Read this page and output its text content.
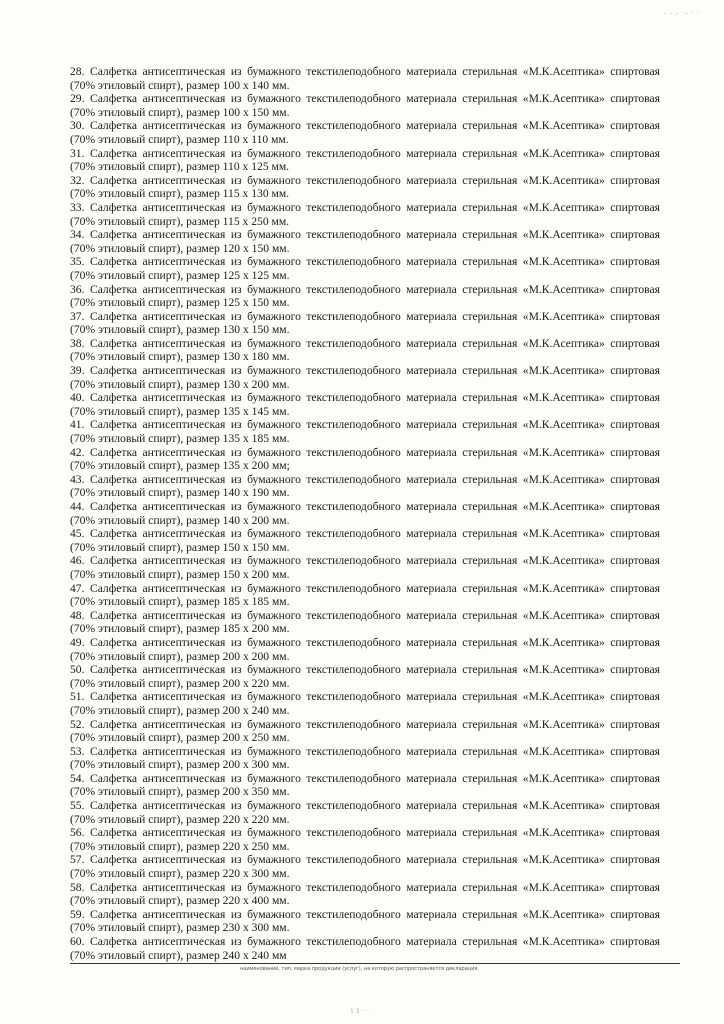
- - - ·- · ·

28. Салфетка антисептическая из бумажного текстилеподобного материала стерильная «М.К.Асептика» спиртовая
(70% этиловый спирт), размер 100 х 140 мм.

29. Салфетка антисептическая из бумажного текстилеподобного материала стерильная «М.К.Асептика» спиртовая
(70% этиловый спирт), размер 100 х 150 мм.

30. Салфетка антисептическая из бумажного текстилеподобного материала стерильная «М.К.Асептика» спиртовая
(70% этиловый спирт), размер 110 х 110 мм.

31. Салфетка антисептическая из бумажного текстилеподобного материала стерильная «М.К.Асептика» спиртовая
(70% этиловый спирт), размер 110 х 125 мм.

32. Салфетка антисептическая из бумажного текстилеподобного материала стерильная «М.К.Асептика» спиртовая
(70% этиловый спирт), размер 115 х 130 мм.

33. Салфетка антисептическая из бумажного текстилеподобного материала стерильная «М.К.Асептика» спиртовая
(70% этиловый спирт), размер 115 х 250 мм.

34. Салфетка антисептическая из бумажного текстилеподобного материала стерильная «М.К.Асептика» спиртовая
(70% этиловый спирт), размер 120 х 150 мм.

35. Салфетка антисептическая из бумажного текстилеподобного материала стерильная «М.К.Асептика» спиртовая
(70% этиловый спирт), размер 125 х 125 мм.

36. Салфетка антисептическая из бумажного текстилеподобного материала стерильная «М.К.Асептика» спиртовая
(70% этиловый спирт), размер 125 х 150 мм.

37. Салфетка антисептическая из бумажного текстилеподобного материала стерильная «М.К.Асептика» спиртовая
(70% этиловый спирт), размер 130 х 150 мм.

38. Салфетка антисептическая из бумажного текстилеподобного материала стерильная «М.К.Асептика» спиртовая
(70% этиловый спирт), размер 130 х 180 мм.

39. Салфетка антисептическая из бумажного текстилеподобного материала стерильная «М.К.Асептика» спиртовая
(70% этиловый спирт), размер 130 х 200 мм.

40. Салфетка антисептическая из бумажного текстилеподобного материала стерильная «М.К.Асептика» спиртовая
(70% этиловый спирт), размер 135 х 145 мм.

41. Салфетка антисептическая из бумажного текстилеподобного материала стерильная «М.К.Асептика» спиртовая
(70% этиловый спирт), размер 135 х 185 мм.

42. Салфетка антисептическая из бумажного текстилеподобного материала стерильная «М.К.Асептика» спиртовая
(70% этиловый спирт), размер 135 х 200 мм;

43. Салфетка антисептическая из бумажного текстилеподобного материала стерильная «М.К.Асептика» спиртовая
(70% этиловый спирт), размер 140 х 190 мм.

44. Салфетка антисептическая из бумажного текстилеподобного материала стерильная «М.К.Асептика» спиртовая
(70% этиловый спирт), размер 140 х 200 мм.

45. Салфетка антисептическая из бумажного текстилеподобного материала стерильная «М.К.Асептика» спиртовая
(70% этиловый спирт), размер 150 х 150 мм.

46. Салфетка антисептическая из бумажного текстилеподобного материала стерильная «М.К.Асептика» спиртовая
(70% этиловый спирт), размер 150 х 200 мм.

47. Салфетка антисептическая из бумажного текстилеподобного материала стерильная «М.К.Асептика» спиртовая
(70% этиловый спирт), размер 185 х 185 мм.

48. Салфетка антисептическая из бумажного текстилеподобного материала стерильная «М.К.Асептика» спиртовая
(70% этиловый спирт), размер 185 х 200 мм.

49. Салфетка антисептическая из бумажного текстилеподобного материала стерильная «М.К.Асептика» спиртовая
(70% этиловый спирт), размер 200 х 200 мм.

50. Салфетка антисептическая из бумажного текстилеподобного материала стерильная «М.К.Асептика» спиртовая
(70% этиловый спирт), размер 200 х 220 мм.

51. Салфетка антисептическая из бумажного текстилеподобного материала стерильная «М.К.Асептика» спиртовая
(70% этиловый спирт), размер 200 х 240 мм.

52. Салфетка антисептическая из бумажного текстилеподобного материала стерильная «М.К.Асептика» спиртовая
(70% этиловый спирт), размер 200 х 250 мм.

53. Салфетка антисептическая из бумажного текстилеподобного материала стерильная «М.К.Асептика» спиртовая
(70% этиловый спирт), размер 200 х 300 мм.

54. Салфетка антисептическая из бумажного текстилеподобного материала стерильная «М.К.Асептика» спиртовая
(70% этиловый спирт), размер 200 х 350 мм.

55. Салфетка антисептическая из бумажного текстилеподобного материала стерильная «М.К.Асептика» спиртовая
(70% этиловый спирт), размер 220 х 220 мм.

56. Салфетка антисептическая из бумажного текстилеподобного материала стерильная «М.К.Асептика» спиртовая
(70% этиловый спирт), размер 220 х 250 мм.

57. Салфетка антисептическая из бумажного текстилеподобного материала стерильная «М.К.Асептика» спиртовая
(70% этиловый спирт), размер 220 х 300 мм.

58. Салфетка антисептическая из бумажного текстилеподобного материала стерильная «М.К.Асептика» спиртовая
(70% этиловый спирт), размер 220 х 400 мм.

59. Салфетка антисептическая из бумажного текстилеподобного материала стерильная «М.К.Асептика» спиртовая
(70% этиловый спирт), размер 230 х 300 мм.

60. Салфетка антисептическая из бумажного текстилеподобного материала стерильная «М.К.Асептика» спиртовая
(70% этиловый спирт), размер 240 х 240 мм

наименование, тип, марка продукции (услуг), на которую распространяется декларация
1 3 · · ·
